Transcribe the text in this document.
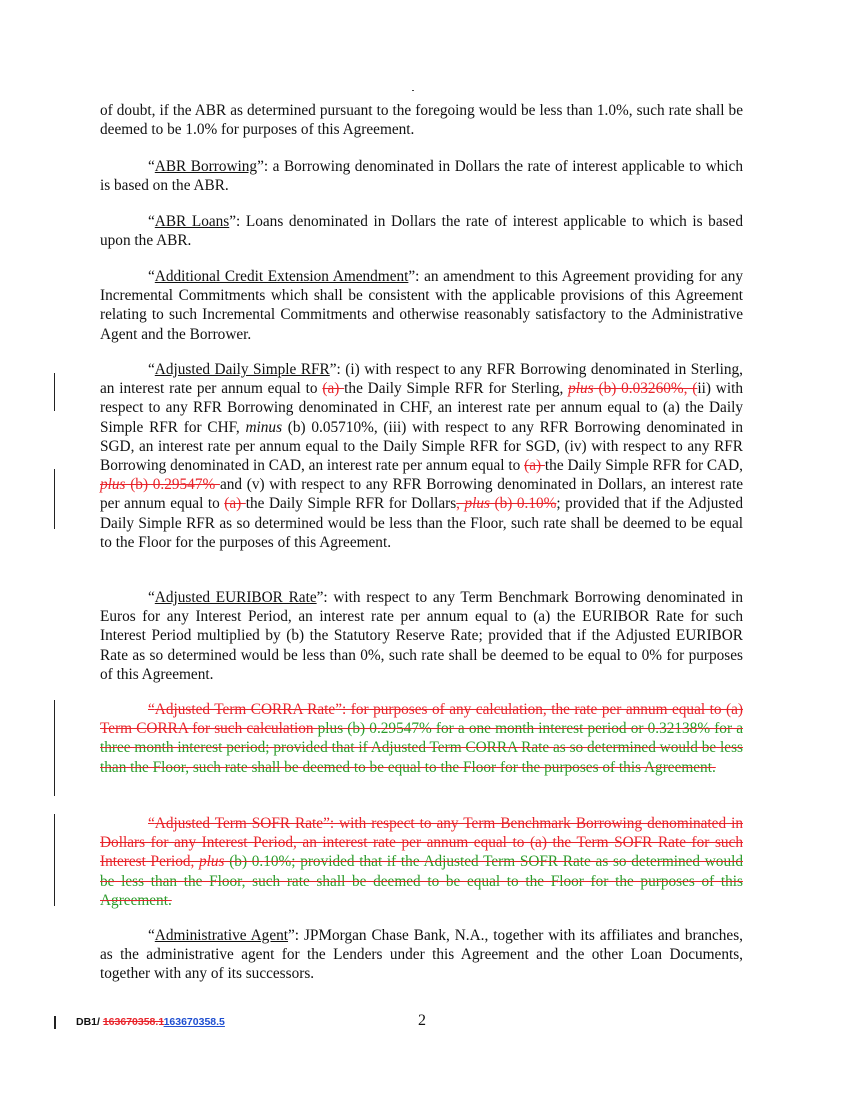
of doubt, if the ABR as determined pursuant to the foregoing would be less than 1.0%, such rate shall be deemed to be 1.0% for purposes of this Agreement.

“ABR Borrowing”: a Borrowing denominated in Dollars the rate of interest applicable to which is based on the ABR.

“ABR Loans”: Loans denominated in Dollars the rate of interest applicable to which is based upon the ABR.

“Additional Credit Extension Amendment”: an amendment to this Agreement providing for any Incremental Commitments which shall be consistent with the applicable provisions of this Agreement relating to such Incremental Commitments and otherwise reasonably satisfactory to the Administrative Agent and the Borrower.

“Adjusted Daily Simple RFR”: (i) with respect to any RFR Borrowing denominated in Sterling, an interest rate per annum equal to (a) the Daily Simple RFR for Sterling, plus (b) 0.03260%, (ii) with respect to any RFR Borrowing denominated in CHF, an interest rate per annum equal to (a) the Daily Simple RFR for CHF, minus (b) 0.05710%, (iii) with respect to any RFR Borrowing denominated in SGD, an interest rate per annum equal to the Daily Simple RFR for SGD, (iv) with respect to any RFR Borrowing denominated in CAD, an interest rate per annum equal to (a) the Daily Simple RFR for CAD, plus (b) 0.29547% and (v) with respect to any RFR Borrowing denominated in Dollars, an interest rate per annum equal to (a) the Daily Simple RFR for Dollars, plus (b) 0.10%; provided that if the Adjusted Daily Simple RFR as so determined would be less than the Floor, such rate shall be deemed to be equal to the Floor for the purposes of this Agreement.

“Adjusted EURIBOR Rate”: with respect to any Term Benchmark Borrowing denominated in Euros for any Interest Period, an interest rate per annum equal to (a) the EURIBOR Rate for such Interest Period multiplied by (b) the Statutory Reserve Rate; provided that if the Adjusted EURIBOR Rate as so determined would be less than 0%, such rate shall be deemed to be equal to 0% for purposes of this Agreement.

“Adjusted Term CORRA Rate”: for purposes of any calculation, the rate per annum equal to (a) Term CORRA for such calculation plus (b) 0.29547% for a one month interest period or 0.32138% for a three month interest period; provided that if Adjusted Term CORRA Rate as so determined would be less than the Floor, such rate shall be deemed to be equal to the Floor for the purposes of this Agreement.

“Adjusted Term SOFR Rate”: with respect to any Term Benchmark Borrowing denominated in Dollars for any Interest Period, an interest rate per annum equal to (a) the Term SOFR Rate for such Interest Period, plus (b) 0.10%; provided that if the Adjusted Term SOFR Rate as so determined would be less than the Floor, such rate shall be deemed to be equal to the Floor for the purposes of this Agreement.

“Administrative Agent”: JPMorgan Chase Bank, N.A., together with its affiliates and branches, as the administrative agent for the Lenders under this Agreement and the other Loan Documents, together with any of its successors.

DB1/ 163670358.1163670358.5	2
